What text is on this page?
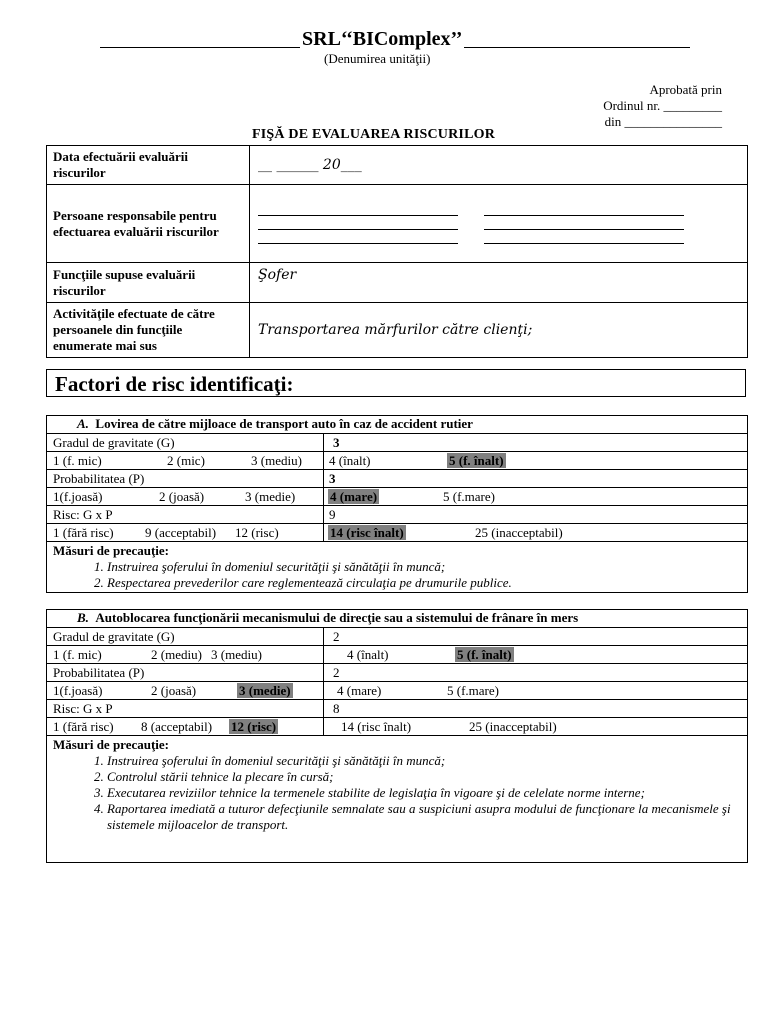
SRL‘‘BIComplex’’
(Denumirea unităţii)
Aprobată prin
Ordinul nr. _________
din _______________
FIŞĂ DE EVALUAREA RISCURILOR
Data efectuării evaluării riscurilor	__ ______ 20___
Persoane responsabile pentru efectuarea evaluării riscurilor	

Funcţiile supuse evaluării riscurilor	Şofer
Activităţile efectuate de către persoanele din funcţiile enumerate mai sus	Transportarea mărfurilor către clienţi;
Factori de risc identificaţi:
A. Lovirea de către mijloace de transport auto în caz de accident rutier
Gradul de gravitate (G)	3
1 (f. mic)	2 (mic)	3 (mediu) 4 (înalt)	5 (f. înalt)
Probabilitatea (P)	3
1(f.joasă)	2 (joasă)	3 (medie)	4 (mare)	5 (f.mare)
Risc: G x P	9
1 (fără risc) 9 (acceptabil) 12 (risc)	14 (risc înalt)	25 (inacceptabil)
Măsuri de precauţie:
1. Instruirea şoferului în domeniul securităţii şi sănătăţii în muncă;
2. Respectarea prevederilor care reglementează circulaţia pe drumurile publice.
B. Autoblocarea funcţionării mecanismului de direcţie sau a sistemului de frânare în mers
Gradul de gravitate (G)	2
1 (f. mic)	2 (mediu) 3 (mediu)	4 (înalt)	5 (f. înalt)
Probabilitatea (P)	2
1(f.joasă)	2 (joasă)	3 (medie)	4 (mare)	5 (f.mare)
Risc: G x P	8
1 (fără risc) 8 (acceptabil) 12 (risc)	14 (risc înalt)	25 (inacceptabil)
Măsuri de precauţie:
1. Instruirea şoferului în domeniul securităţii şi sănătăţii în muncă;
2. Controlul stării tehnice la plecare în cursă;
3. Executarea reviziilor tehnice la termenele stabilite de legislaţia în vigoare şi de celelate norme interne;
4. Raportarea imediată a tuturor defecţiunile semnalate sau a suspiciuni asupra modului de funcţionare la mecanismele şi sistemele mijloacelor de transport.
